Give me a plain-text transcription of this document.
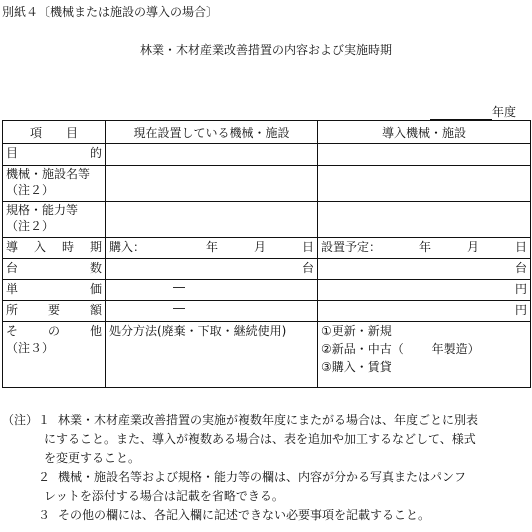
別紙４〔機械または施設の導入の場合〕
林業・木材産業改善措置の内容および実施時期
年度
項　　目	現在設置している機械・施設	導入機械・施設

目 的		

機械・施設名等
（注２）		

規格・能力等
（注２）		

導 入 時 期	購入： 年 月 日	設置予定： 年 月 日

台 数	台	台

単 価	―	円

所 要 額	―	円

そ の 他
（注３）	処分方法(廃棄・下取・継続使用)	①更新・新規
②新品・中古（　　 年製造）
③購入・賃貸
（注） １ 林業・木材産業改善措置の実施が複数年度にまたがる場合は、年度ごとに別表
にすること。また、導入が複数ある場合は、表を追加や加工するなどして、様式
を変更すること。
２ 機械・施設名等および規格・能力等の欄は、内容が分かる写真またはパンフ
レットを添付する場合は記載を省略できる。
３ その他の欄には、各記入欄に記述できない必要事項を記載すること。
